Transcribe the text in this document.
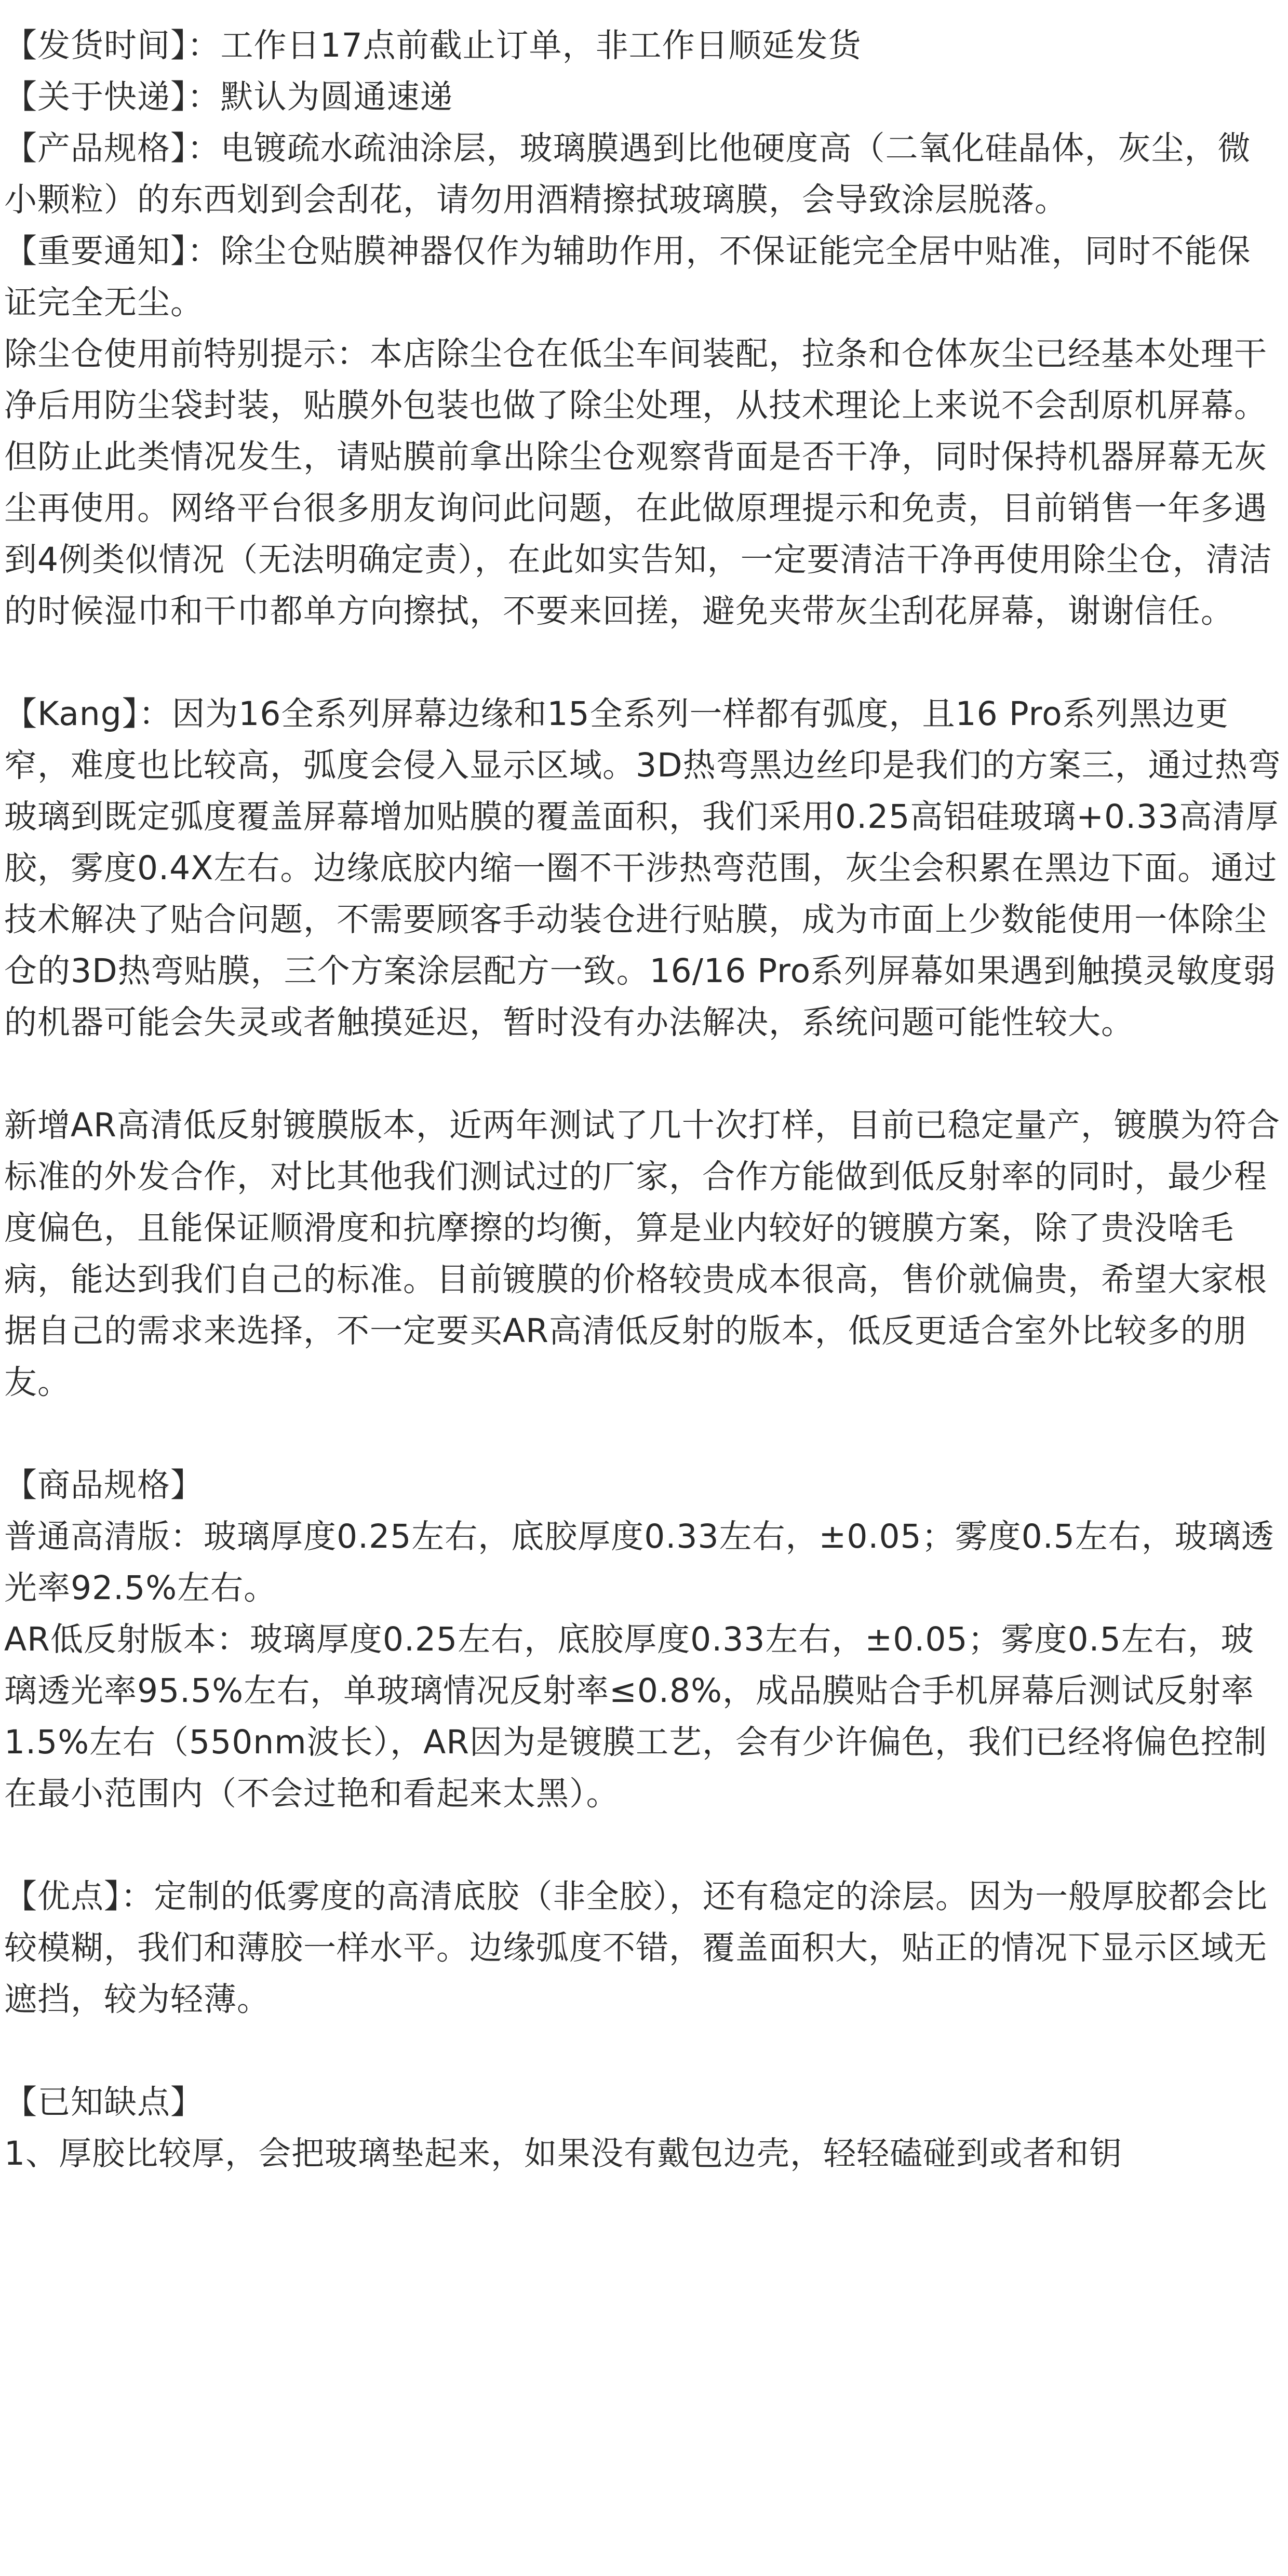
【发货时间】：工作日17点前截止订单，非工作日顺延发货

【关于快递】：默认为圆通速递

【产品规格】：电镀疏水疏油涂层，玻璃膜遇到比他硬度高（二氧化硅晶体，灰尘，微小颗粒）的东西划到会刮花，请勿用酒精擦拭玻璃膜，会导致涂层脱落。

【重要通知】：除尘仓贴膜神器仅作为辅助作用，不保证能完全居中贴准，同时不能保证完全无尘。

除尘仓使用前特别提示：本店除尘仓在低尘车间装配，拉条和仓体灰尘已经基本处理干净后用防尘袋封装，贴膜外包装也做了除尘处理，从技术理论上来说不会刮原机屏幕。

但防止此类情况发生，请贴膜前拿出除尘仓观察背面是否干净，同时保持机器屏幕无灰尘再使用。网络平台很多朋友询问此问题，在此做原理提示和免责，目前销售一年多遇到4例类似情况（无法明确定责），在此如实告知，一定要清洁干净再使用除尘仓，清洁的时候湿巾和干巾都单方向擦拭，不要来回搓，避免夹带灰尘刮花屏幕，谢谢信任。

【Kang】：因为16全系列屏幕边缘和15全系列一样都有弧度，且16 Pro系列黑边更窄，难度也比较高，弧度会侵入显示区域。3D热弯黑边丝印是我们的方案三，通过热弯玻璃到既定弧度覆盖屏幕增加贴膜的覆盖面积，我们采用0.25高铝硅玻璃+0.33高清厚胶，雾度0.4X左右。边缘底胶内缩一圈不干涉热弯范围，灰尘会积累在黑边下面。通过技术解决了贴合问题，不需要顾客手动装仓进行贴膜，成为市面上少数能使用一体除尘仓的3D热弯贴膜，三个方案涂层配方一致。16/16 Pro系列屏幕如果遇到触摸灵敏度弱的机器可能会失灵或者触摸延迟，暂时没有办法解决，系统问题可能性较大。

新增AR高清低反射镀膜版本，近两年测试了几十次打样，目前已稳定量产，镀膜为符合标准的外发合作，对比其他我们测试过的厂家，合作方能做到低反射率的同时，最少程度偏色，且能保证顺滑度和抗摩擦的均衡，算是业内较好的镀膜方案，除了贵没啥毛病，能达到我们自己的标准。目前镀膜的价格较贵成本很高，售价就偏贵，希望大家根据自己的需求来选择，不一定要买AR高清低反射的版本，低反更适合室外比较多的朋友。

【商品规格】

普通高清版：玻璃厚度0.25左右，底胶厚度0.33左右，±0.05；雾度0.5左右，玻璃透光率92.5%左右。

AR低反射版本：玻璃厚度0.25左右，底胶厚度0.33左右，±0.05；雾度0.5左右，玻璃透光率95.5%左右，单玻璃情况反射率≤0.8%，成品膜贴合手机屏幕后测试反射率1.5%左右（550nm波长），AR因为是镀膜工艺，会有少许偏色，我们已经将偏色控制在最小范围内（不会过艳和看起来太黑）。

【优点】：定制的低雾度的高清底胶（非全胶），还有稳定的涂层。因为一般厚胶都会比较模糊，我们和薄胶一样水平。边缘弧度不错，覆盖面积大，贴正的情况下显示区域无遮挡，较为轻薄。

【已知缺点】

1、厚胶比较厚，会把玻璃垫起来，如果没有戴包边壳，轻轻磕碰到或者和钥
